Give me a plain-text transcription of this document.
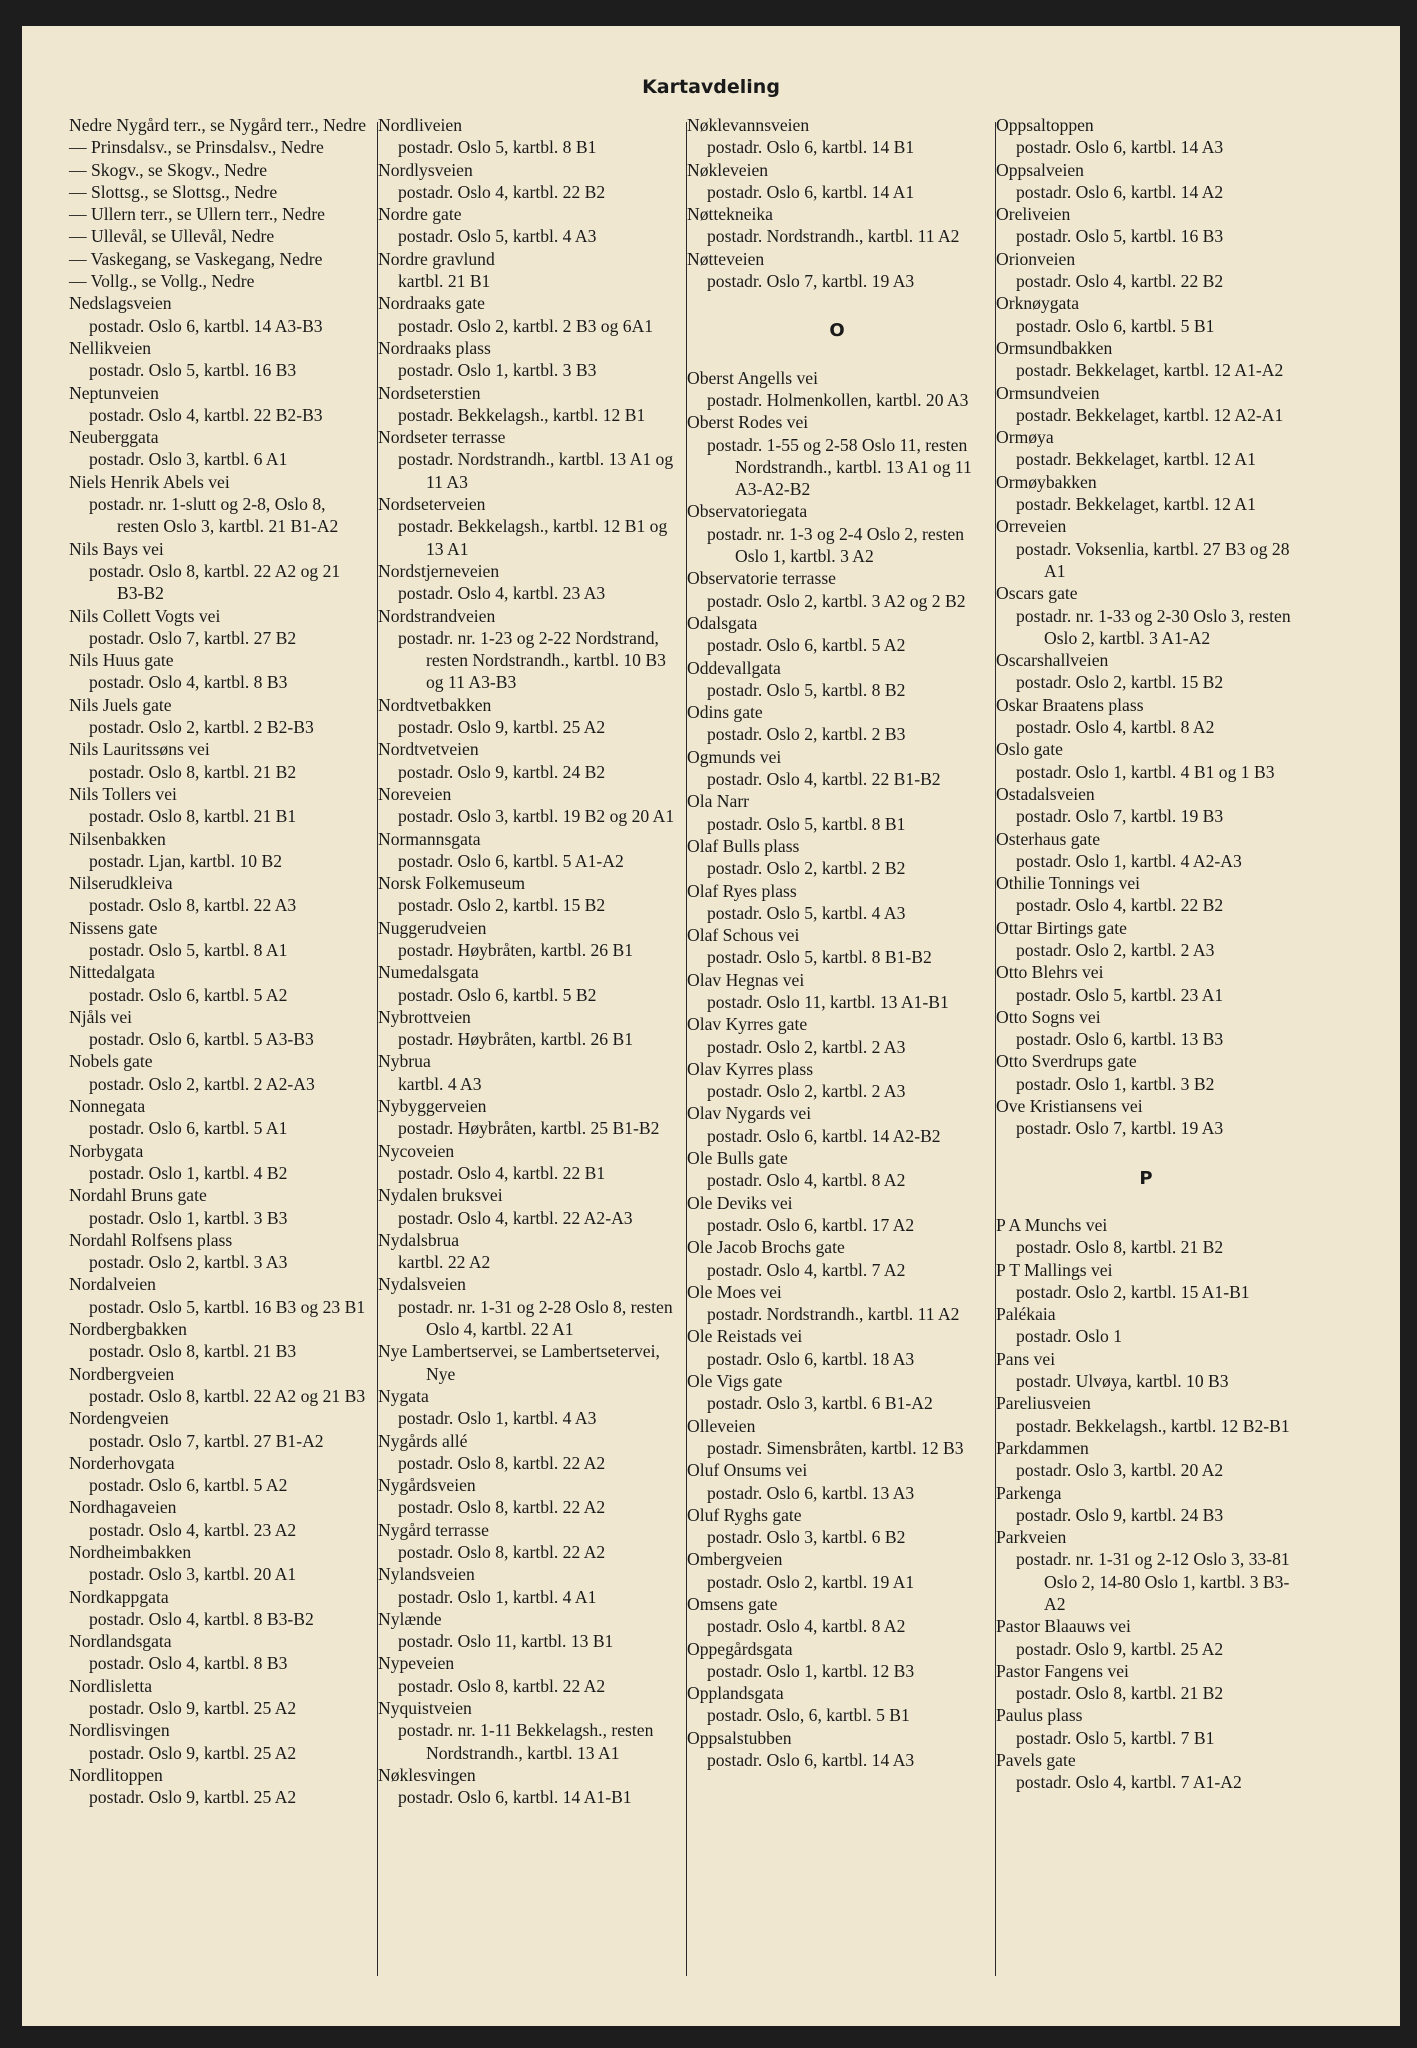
Kartavdeling
Nedre Nygård terr., se Nygård terr., Nedre
— Prinsdalsv., se Prinsdalsv., Nedre
— Skogv., se Skogv., Nedre
— Slottsg., se Slottsg., Nedre
— Ullern terr., se Ullern terr., Nedre
— Ullevål, se Ullevål, Nedre
— Vaskegang, se Vaskegang, Nedre
— Vollg., se Vollg., Nedre
Nedslagsveien
postadr. Oslo 6, kartbl. 14 A3-B3
Nellikveien
postadr. Oslo 5, kartbl. 16 B3
Neptunveien
postadr. Oslo 4, kartbl. 22 B2-B3
Neuberggata
postadr. Oslo 3, kartbl. 6 A1
Niels Henrik Abels vei
postadr. nr. 1-slutt og 2-8, Oslo 8, resten Oslo 3, kartbl. 21 B1-A2
Nils Bays vei
postadr. Oslo 8, kartbl. 22 A2 og 21 B3-B2
Nils Collett Vogts vei
postadr. Oslo 7, kartbl. 27 B2
Nils Huus gate
postadr. Oslo 4, kartbl. 8 B3
Nils Juels gate
postadr. Oslo 2, kartbl. 2 B2-B3
Nils Lauritssøns vei
postadr. Oslo 8, kartbl. 21 B2
Nils Tollers vei
postadr. Oslo 8, kartbl. 21 B1
Nilsenbakken
postadr. Ljan, kartbl. 10 B2
Nilserudkleiva
postadr. Oslo 8, kartbl. 22 A3
Nissens gate
postadr. Oslo 5, kartbl. 8 A1
Nittedalgata
postadr. Oslo 6, kartbl. 5 A2
Njåls vei
postadr. Oslo 6, kartbl. 5 A3-B3
Nobels gate
postadr. Oslo 2, kartbl. 2 A2-A3
Nonnegata
postadr. Oslo 6, kartbl. 5 A1
Norbygata
postadr. Oslo 1, kartbl. 4 B2
Nordahl Bruns gate
postadr. Oslo 1, kartbl. 3 B3
Nordahl Rolfsens plass
postadr. Oslo 2, kartbl. 3 A3
Nordalveien
postadr. Oslo 5, kartbl. 16 B3 og 23 B1
Nordbergbakken
postadr. Oslo 8, kartbl. 21 B3
Nordbergveien
postadr. Oslo 8, kartbl. 22 A2 og 21 B3
Nordengveien
postadr. Oslo 7, kartbl. 27 B1-A2
Norderhovgata
postadr. Oslo 6, kartbl. 5 A2
Nordhagaveien
postadr. Oslo 4, kartbl. 23 A2
Nordheimbakken
postadr. Oslo 3, kartbl. 20 A1
Nordkappgata
postadr. Oslo 4, kartbl. 8 B3-B2
Nordlandsgata
postadr. Oslo 4, kartbl. 8 B3
Nordlisletta
postadr. Oslo 9, kartbl. 25 A2
Nordlisvingen
postadr. Oslo 9, kartbl. 25 A2
Nordlitoppen
postadr. Oslo 9, kartbl. 25 A2
Nordliveien
postadr. Oslo 5, kartbl. 8 B1
Nordlysveien
postadr. Oslo 4, kartbl. 22 B2
Nordre gate
postadr. Oslo 5, kartbl. 4 A3
Nordre gravlund
kartbl. 21 B1
Nordraaks gate
postadr. Oslo 2, kartbl. 2 B3 og 6A1
Nordraaks plass
postadr. Oslo 1, kartbl. 3 B3
Nordseterstien
postadr. Bekkelagsh., kartbl. 12 B1
Nordseter terrasse
postadr. Nordstrandh., kartbl. 13 A1 og 11 A3
Nordseterveien
postadr. Bekkelagsh., kartbl. 12 B1 og 13 A1
Nordstjerneveien
postadr. Oslo 4, kartbl. 23 A3
Nordstrandveien
postadr. nr. 1-23 og 2-22 Nordstrand, resten Nordstrandh., kartbl. 10 B3 og 11 A3-B3
Nordtvetbakken
postadr. Oslo 9, kartbl. 25 A2
Nordtvetveien
postadr. Oslo 9, kartbl. 24 B2
Noreveien
postadr. Oslo 3, kartbl. 19 B2 og 20 A1
Normannsgata
postadr. Oslo 6, kartbl. 5 A1-A2
Norsk Folkemuseum
postadr. Oslo 2, kartbl. 15 B2
Nuggerudveien
postadr. Høybråten, kartbl. 26 B1
Numedalsgata
postadr. Oslo 6, kartbl. 5 B2
Nybrottveien
postadr. Høybråten, kartbl. 26 B1
Nybrua
kartbl. 4 A3
Nybyggerveien
postadr. Høybråten, kartbl. 25 B1-B2
Nycoveien
postadr. Oslo 4, kartbl. 22 B1
Nydalen bruksvei
postadr. Oslo 4, kartbl. 22 A2-A3
Nydalsbrua
kartbl. 22 A2
Nydalsveien
postadr. nr. 1-31 og 2-28 Oslo 8, resten Oslo 4, kartbl. 22 A1
Nye Lambertservei, se Lambertsetervei, Nye
Nygata
postadr. Oslo 1, kartbl. 4 A3
Nygårds allé
postadr. Oslo 8, kartbl. 22 A2
Nygårdsveien
postadr. Oslo 8, kartbl. 22 A2
Nygård terrasse
postadr. Oslo 8, kartbl. 22 A2
Nylandsveien
postadr. Oslo 1, kartbl. 4 A1
Nylænde
postadr. Oslo 11, kartbl. 13 B1
Nypeveien
postadr. Oslo 8, kartbl. 22 A2
Nyquistveien
postadr. nr. 1-11 Bekkelagsh., resten Nordstrandh., kartbl. 13 A1
Nøklesvingen
postadr. Oslo 6, kartbl. 14 A1-B1
Nøklevannsveien
postadr. Oslo 6, kartbl. 14 B1
Nøkleveien
postadr. Oslo 6, kartbl. 14 A1
Nøttekneika
postadr. Nordstrandh., kartbl. 11 A2
Nøtteveien
postadr. Oslo 7, kartbl. 19 A3
O
Oberst Angells vei
postadr. Holmenkollen, kartbl. 20 A3
Oberst Rodes vei
postadr. 1-55 og 2-58 Oslo 11, resten Nordstrandh., kartbl. 13 A1 og 11 A3-A2-B2
Observatoriegata
postadr. nr. 1-3 og 2-4 Oslo 2, resten Oslo 1, kartbl. 3 A2
Observatorie terrasse
postadr. Oslo 2, kartbl. 3 A2 og 2 B2
Odalsgata
postadr. Oslo 6, kartbl. 5 A2
Oddevallgata
postadr. Oslo 5, kartbl. 8 B2
Odins gate
postadr. Oslo 2, kartbl. 2 B3
Ogmunds vei
postadr. Oslo 4, kartbl. 22 B1-B2
Ola Narr
postadr. Oslo 5, kartbl. 8 B1
Olaf Bulls plass
postadr. Oslo 2, kartbl. 2 B2
Olaf Ryes plass
postadr. Oslo 5, kartbl. 4 A3
Olaf Schous vei
postadr. Oslo 5, kartbl. 8 B1-B2
Olav Hegnas vei
postadr. Oslo 11, kartbl. 13 A1-B1
Olav Kyrres gate
postadr. Oslo 2, kartbl. 2 A3
Olav Kyrres plass
postadr. Oslo 2, kartbl. 2 A3
Olav Nygards vei
postadr. Oslo 6, kartbl. 14 A2-B2
Ole Bulls gate
postadr. Oslo 4, kartbl. 8 A2
Ole Deviks vei
postadr. Oslo 6, kartbl. 17 A2
Ole Jacob Brochs gate
postadr. Oslo 4, kartbl. 7 A2
Ole Moes vei
postadr. Nordstrandh., kartbl. 11 A2
Ole Reistads vei
postadr. Oslo 6, kartbl. 18 A3
Ole Vigs gate
postadr. Oslo 3, kartbl. 6 B1-A2
Olleveien
postadr. Simensbråten, kartbl. 12 B3
Oluf Onsums vei
postadr. Oslo 6, kartbl. 13 A3
Oluf Ryghs gate
postadr. Oslo 3, kartbl. 6 B2
Ombergveien
postadr. Oslo 2, kartbl. 19 A1
Omsens gate
postadr. Oslo 4, kartbl. 8 A2
Oppegårdsgata
postadr. Oslo 1, kartbl. 12 B3
Opplandsgata
postadr. Oslo, 6, kartbl. 5 B1
Oppsalstubben
postadr. Oslo 6, kartbl. 14 A3
Oppsaltoppen
postadr. Oslo 6, kartbl. 14 A3
Oppsalveien
postadr. Oslo 6, kartbl. 14 A2
Oreliveien
postadr. Oslo 5, kartbl. 16 B3
Orionveien
postadr. Oslo 4, kartbl. 22 B2
Orknøygata
postadr. Oslo 6, kartbl. 5 B1
Ormsundbakken
postadr. Bekkelaget, kartbl. 12 A1-A2
Ormsundveien
postadr. Bekkelaget, kartbl. 12 A2-A1
Ormøya
postadr. Bekkelaget, kartbl. 12 A1
Ormøybakken
postadr. Bekkelaget, kartbl. 12 A1
Orreveien
postadr. Voksenlia, kartbl. 27 B3 og 28 A1
Oscars gate
postadr. nr. 1-33 og 2-30 Oslo 3, resten Oslo 2, kartbl. 3 A1-A2
Oscarshallveien
postadr. Oslo 2, kartbl. 15 B2
Oskar Braatens plass
postadr. Oslo 4, kartbl. 8 A2
Oslo gate
postadr. Oslo 1, kartbl. 4 B1 og 1 B3
Ostadalsveien
postadr. Oslo 7, kartbl. 19 B3
Osterhaus gate
postadr. Oslo 1, kartbl. 4 A2-A3
Othilie Tonnings vei
postadr. Oslo 4, kartbl. 22 B2
Ottar Birtings gate
postadr. Oslo 2, kartbl. 2 A3
Otto Blehrs vei
postadr. Oslo 5, kartbl. 23 A1
Otto Sogns vei
postadr. Oslo 6, kartbl. 13 B3
Otto Sverdrups gate
postadr. Oslo 1, kartbl. 3 B2
Ove Kristiansens vei
postadr. Oslo 7, kartbl. 19 A3
P
P A Munchs vei
postadr. Oslo 8, kartbl. 21 B2
P T Mallings vei
postadr. Oslo 2, kartbl. 15 A1-B1
Palékaia
postadr. Oslo 1
Pans vei
postadr. Ulvøya, kartbl. 10 B3
Pareliusveien
postadr. Bekkelagsh., kartbl. 12 B2-B1
Parkdammen
postadr. Oslo 3, kartbl. 20 A2
Parkenga
postadr. Oslo 9, kartbl. 24 B3
Parkveien
postadr. nr. 1-31 og 2-12 Oslo 3, 33-81 Oslo 2, 14-80 Oslo 1, kartbl. 3 B3-A2
Pastor Blaauws vei
postadr. Oslo 9, kartbl. 25 A2
Pastor Fangens vei
postadr. Oslo 8, kartbl. 21 B2
Paulus plass
postadr. Oslo 5, kartbl. 7 B1
Pavels gate
postadr. Oslo 4, kartbl. 7 A1-A2
